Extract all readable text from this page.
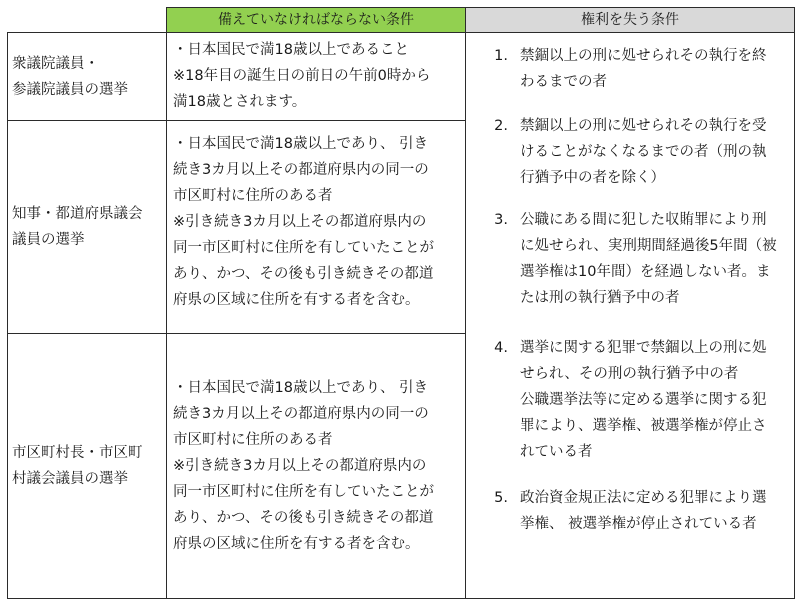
備えていなければならない条件	権利を失う条件
衆議院議員・
参議院議員の選挙
・日本国民で満18歳以上であること
※18年目の誕生日の前日の午前0時から
満18歳とされます。
知事・都道府県議会
議員の選挙
・日本国民で満18歳以上であり、 引き
続き3カ月以上その都道府県内の同一の
市区町村に住所のある者
※引き続き3カ月以上その都道府県内の
同一市区町村に住所を有していたことが
あり、かつ、その後も引き続きその都道
府県の区域に住所を有する者を含む。
市区町村長・市区町
村議会議員の選挙
・日本国民で満18歳以上であり、 引き
続き3カ月以上その都道府県内の同一の
市区町村に住所のある者
※引き続き3カ月以上その都道府県内の
同一市区町村に住所を有していたことが
あり、かつ、その後も引き続きその都道
府県の区域に住所を有する者を含む。
1. 禁錮以上の刑に処せられその執行を終
わるまでの者
2. 禁錮以上の刑に処せられその執行を受
けることがなくなるまでの者（刑の執
行猶予中の者を除く）
3. 公職にある間に犯した収賄罪により刑
に処せられ、実刑期間経過後5年間（被
選挙権は10年間）を経過しない者。ま
たは刑の執行猶予中の者
4. 選挙に関する犯罪で禁錮以上の刑に処
せられ、その刑の執行猶予中の者
公職選挙法等に定める選挙に関する犯
罪により、選挙権、被選挙権が停止さ
れている者
5. 政治資金規正法に定める犯罪により選
挙権、 被選挙権が停止されている者
